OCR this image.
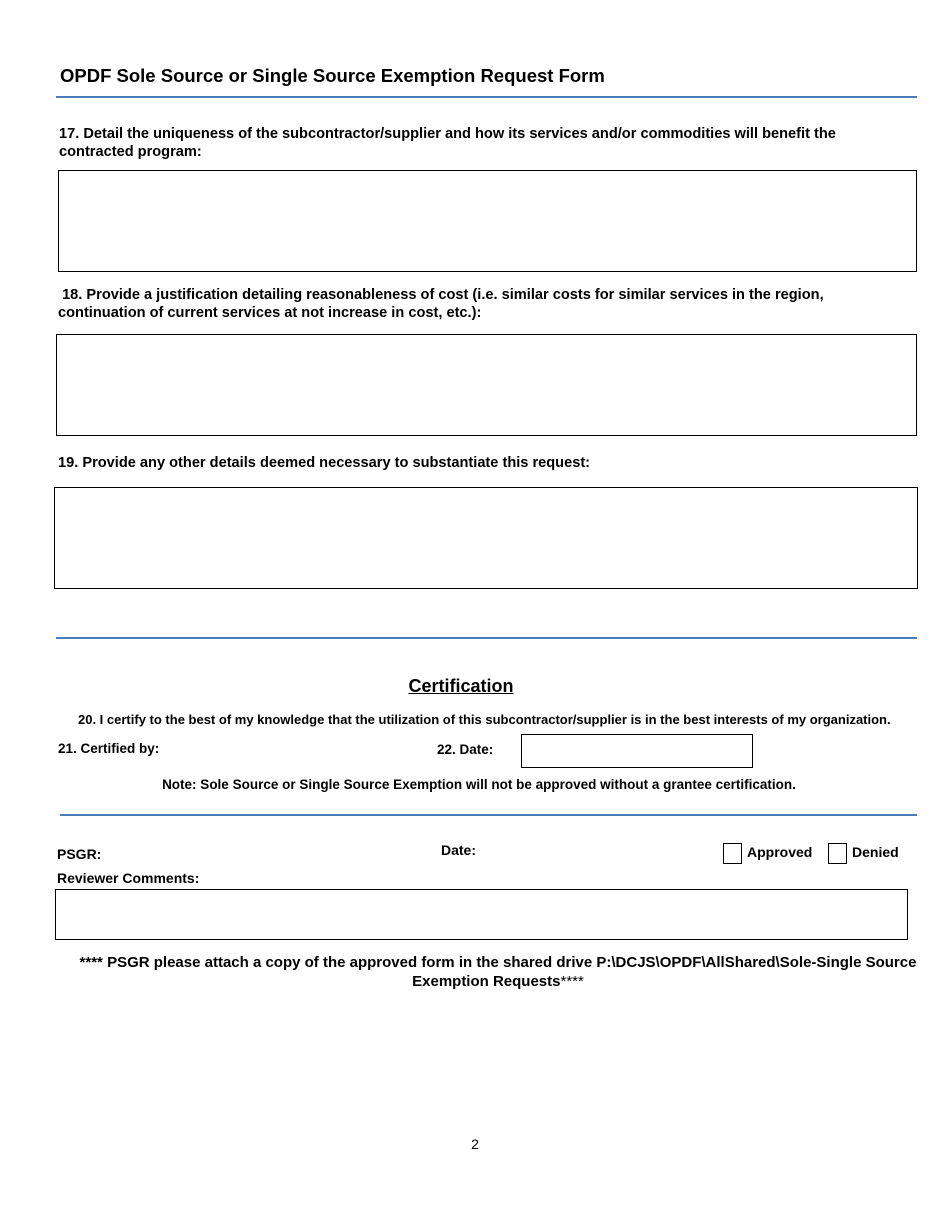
OPDF Sole Source or Single Source Exemption Request Form
17. Detail the uniqueness of the subcontractor/supplier and how its services and/or commodities will benefit the contracted program:
18. Provide a justification detailing reasonableness of cost (i.e. similar costs for similar services in the region, continuation of current services at not increase in cost, etc.):
19. Provide any other details deemed necessary to substantiate this request:
Certification
20. I certify to the best of my knowledge that the utilization of this subcontractor/supplier is in the best interests of my organization.
21. Certified by:	22. Date:
Note: Sole Source or Single Source Exemption will not be approved without a grantee certification.
PSGR:	Date:	Approved	Denied
Reviewer Comments:
**** PSGR please attach a copy of the approved form in the shared drive P:\DCJS\OPDF\AllShared\Sole-Single Source Exemption Requests****
2
